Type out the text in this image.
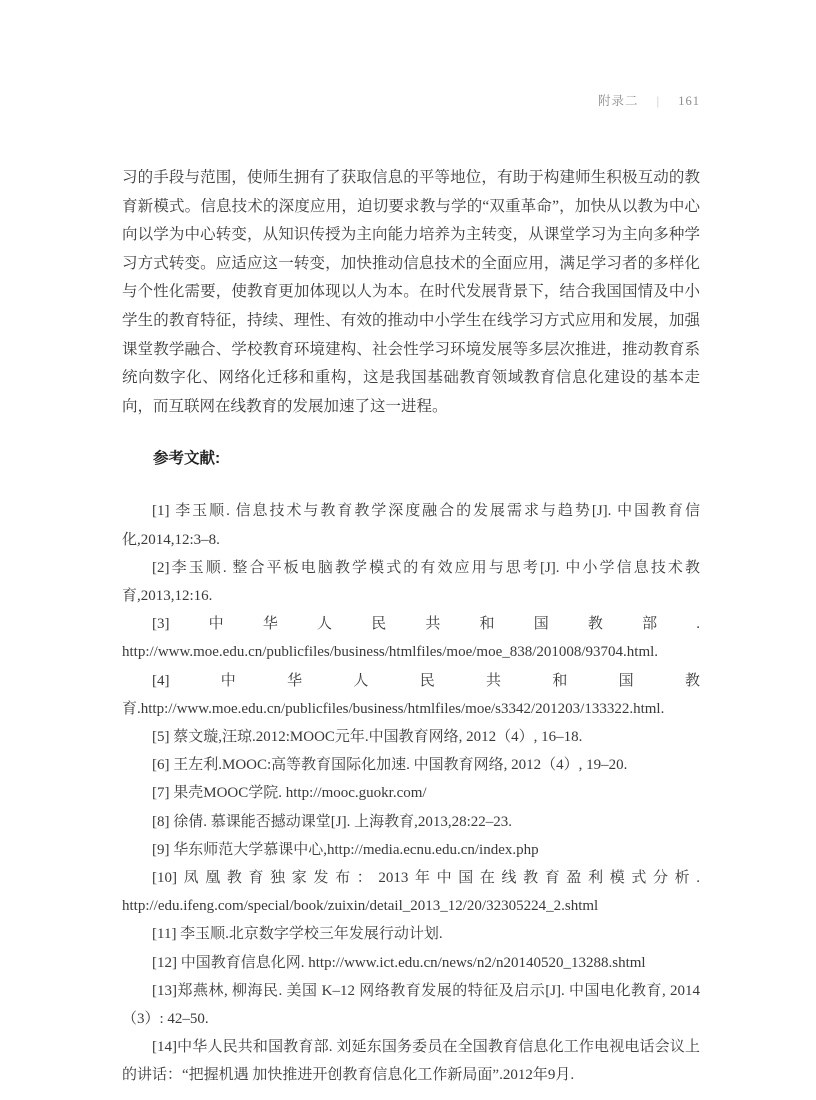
附录二 | 161

习的手段与范围，使师生拥有了获取信息的平等地位，有助于构建师生积极互动的教育新模式。信息技术的深度应用，迫切要求教与学的“双重革命”，加快从以教为中心向以学为中心转变，从知识传授为主向能力培养为主转变，从课堂学习为主向多种学习方式转变。应适应这一转变，加快推动信息技术的全面应用，满足学习者的多样化与个性化需要，使教育更加体现以人为本。在时代发展背景下，结合我国国情及中小学生的教育特征，持续、理性、有效的推动中小学生在线学习方式应用和发展，加强课堂教学融合、学校教育环境建构、社会性学习环境发展等多层次推进，推动教育系统向数字化、网络化迁移和重构，这是我国基础教育领域教育信息化建设的基本走向，而互联网在线教育的发展加速了这一进程。

参考文献:

[1] 李玉顺. 信息技术与教育教学深度融合的发展需求与趋势[J]. 中国教育信化,2014,12:3–8.

[2]李玉顺. 整合平板电脑教学模式的有效应用与思考[J]. 中小学信息技术教育,2013,12:16.

[3]中华人民共和国教部. http://www.moe.edu.cn/publicfiles/business/htmlfiles/moe/moe_838/201008/93704.html.

[4]中华人民共和国教育.http://www.moe.edu.cn/publicfiles/business/htmlfiles/moe/s3342/201203/133322.html.

[5] 蔡文璇,汪琼.2012:MOOC元年.中国教育网络, 2012（4）, 16–18.

[6] 王左利.MOOC:高等教育国际化加速. 中国教育网络, 2012（4）, 19–20.

[7] 果壳MOOC学院. http://mooc.guokr.com/

[8] 徐倩. 慕课能否撼动课堂[J]. 上海教育,2013,28:22–23.

[9] 华东师范大学慕课中心,http://media.ecnu.edu.cn/index.php

[10]凤凰教育独家发布：2013年中国在线教育盈利模式分析. http://edu.ifeng.com/special/book/zuixin/detail_2013_12/20/32305224_2.shtml

[11] 李玉顺.北京数字学校三年发展行动计划.

[12] 中国教育信息化网. http://www.ict.edu.cn/news/n2/n20140520_13288.shtml

[13]郑燕林, 柳海民. 美国 K–12 网络教育发展的特征及启示[J]. 中国电化教育, 2014（3）: 42–50.

[14]中华人民共和国教育部. 刘延东国务委员在全国教育信息化工作电视电话会议上的讲话：“把握机遇 加快推进开创教育信息化工作新局面”.2012年9月.
